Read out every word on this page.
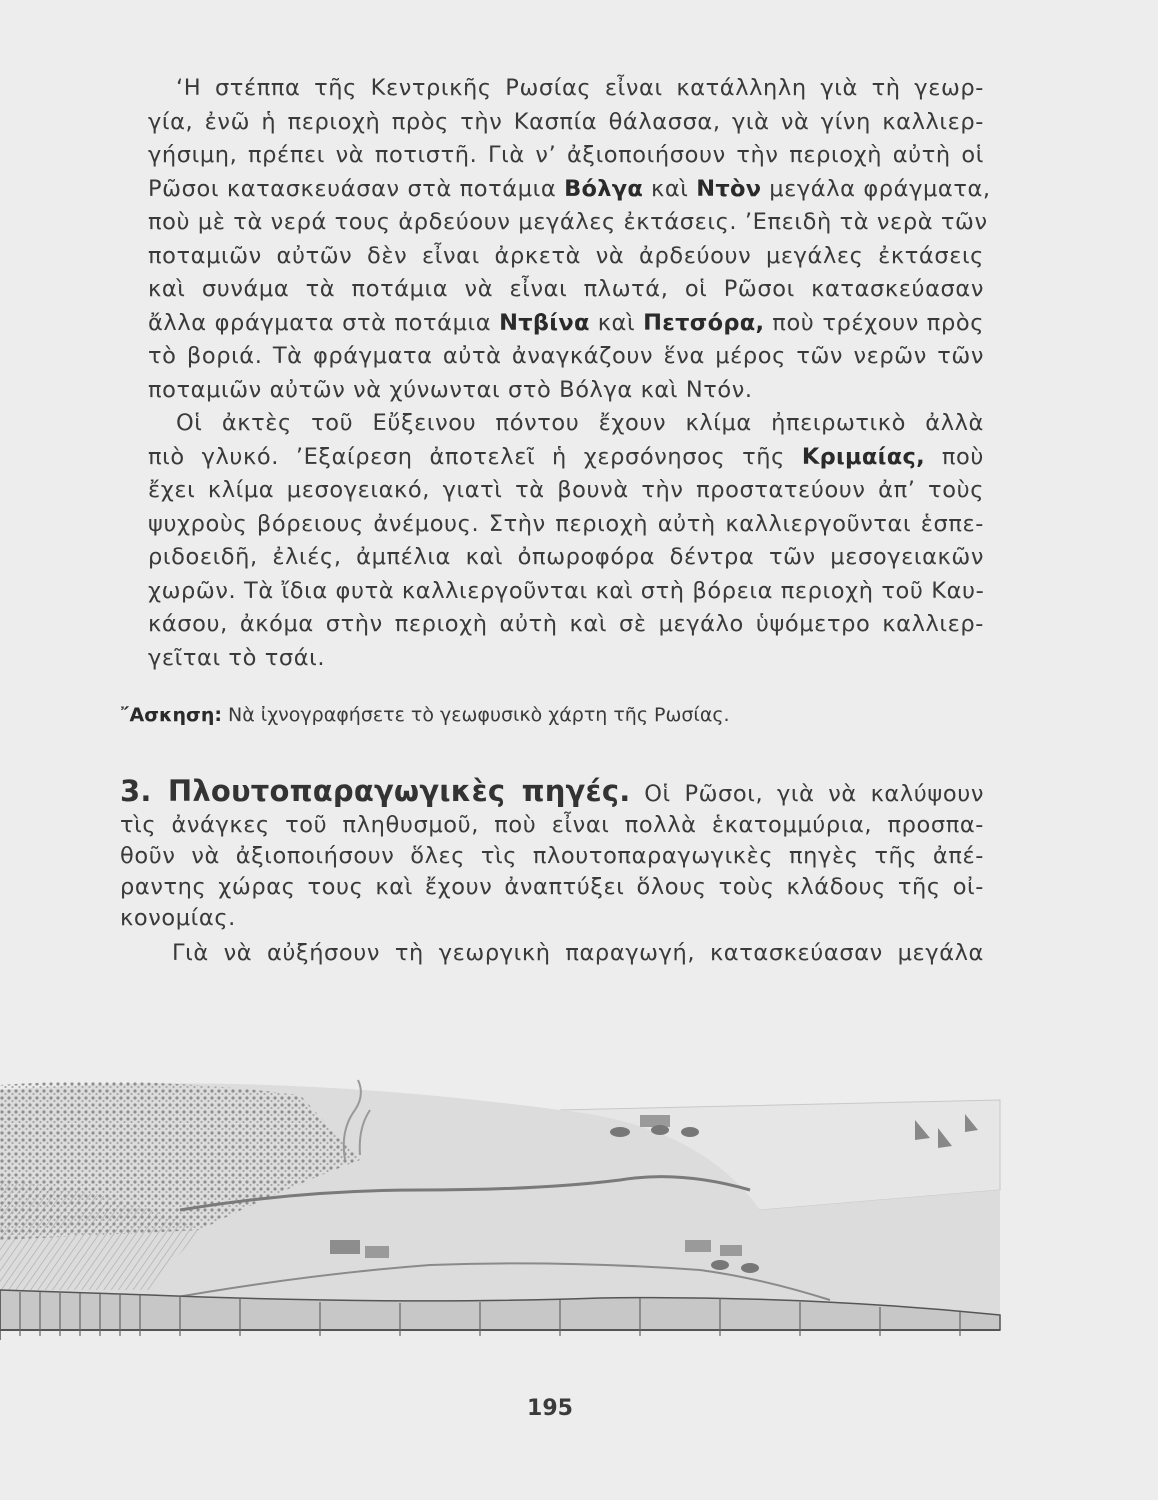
‘Η στέππα τῆς Κεντρικῆς Ρωσίας εἶναι κατάλληλη γιὰ τὴ γεωρ-
γία, ἐνῶ ἡ περιοχὴ πρὸς τὴν Κασπία θάλασσα, γιὰ νὰ γίνη καλλιερ-
γήσιμη, πρέπει νὰ ποτιστῆ. Γιὰ ν’ ἀξιοποιήσουν τὴν περιοχὴ αὐτὴ οἱ
Ρῶσοι κατασκευάσαν στὰ ποτάμια Βόλγα καὶ Ντὸν μεγάλα φράγματα,
ποὺ μὲ τὰ νερά τους ἀρδεύουν μεγάλες ἐκτάσεις. ’Επειδὴ τὰ νερὰ τῶν
ποταμιῶν αὐτῶν δὲν εἶναι ἀρκετὰ νὰ ἀρδεύουν μεγάλες ἐκτάσεις
καὶ συνάμα τὰ ποτάμια νὰ εἶναι πλωτά, οἱ Ρῶσοι κατασκεύασαν
ἄλλα φράγματα στὰ ποτάμια Ντβίνα καὶ Πετσόρα, ποὺ τρέχουν πρὸς
τὸ βοριά. Τὰ φράγματα αὐτὰ ἀναγκάζουν ἕνα μέρος τῶν νερῶν τῶν
ποταμιῶν αὐτῶν νὰ χύνωνται στὸ Βόλγα καὶ Ντόν.
Οἱ ἀκτὲς τοῦ Εὔξεινου πόντου ἔχουν κλίμα ἠπειρωτικὸ ἀλλὰ
πιὸ γλυκό. ’Εξαίρεση ἀποτελεῖ ἡ χερσόνησος τῆς Κριμαίας, ποὺ
ἔχει κλίμα μεσογειακό, γιατὶ τὰ βουνὰ τὴν προστατεύουν ἀπ’ τοὺς
ψυχροὺς βόρειους ἀνέμους. Στὴν περιοχὴ αὐτὴ καλλιεργοῦνται ἑσπε-
ριδοειδῆ, ἐλιές, ἀμπέλια καὶ ὀπωροφόρα δέντρα τῶν μεσογειακῶν
χωρῶν. Τὰ ἴδια φυτὰ καλλιεργοῦνται καὶ στὴ βόρεια περιοχὴ τοῦ Καυ-
κάσου, ἀκόμα στὴν περιοχὴ αὐτὴ καὶ σὲ μεγάλο ὑψόμετρο καλλιερ-
γεῖται τὸ τσάι.
῎Ασκηση: Νὰ ἰχνογραφήσετε τὸ γεωφυσικὸ χάρτη τῆς Ρωσίας.
3. Πλουτοπαραγωγικὲς πηγές. Οἱ Ρῶσοι, γιὰ νὰ καλύψουν
τὶς ἀνάγκες τοῦ πληθυσμοῦ, ποὺ εἶναι πολλὰ ἑκατομμύρια, προσπα-
θοῦν νὰ ἀξιοποιήσουν ὅλες τὶς πλουτοπαραγωγικὲς πηγὲς τῆς ἀπέ-
ραντης χώρας τους καὶ ἔχουν ἀναπτύξει ὅλους τοὺς κλάδους τῆς οἰ-
κονομίας.
Γιὰ νὰ αὐξήσουν τὴ γεωργικὴ παραγωγή, κατασκεύασαν μεγάλα
195
